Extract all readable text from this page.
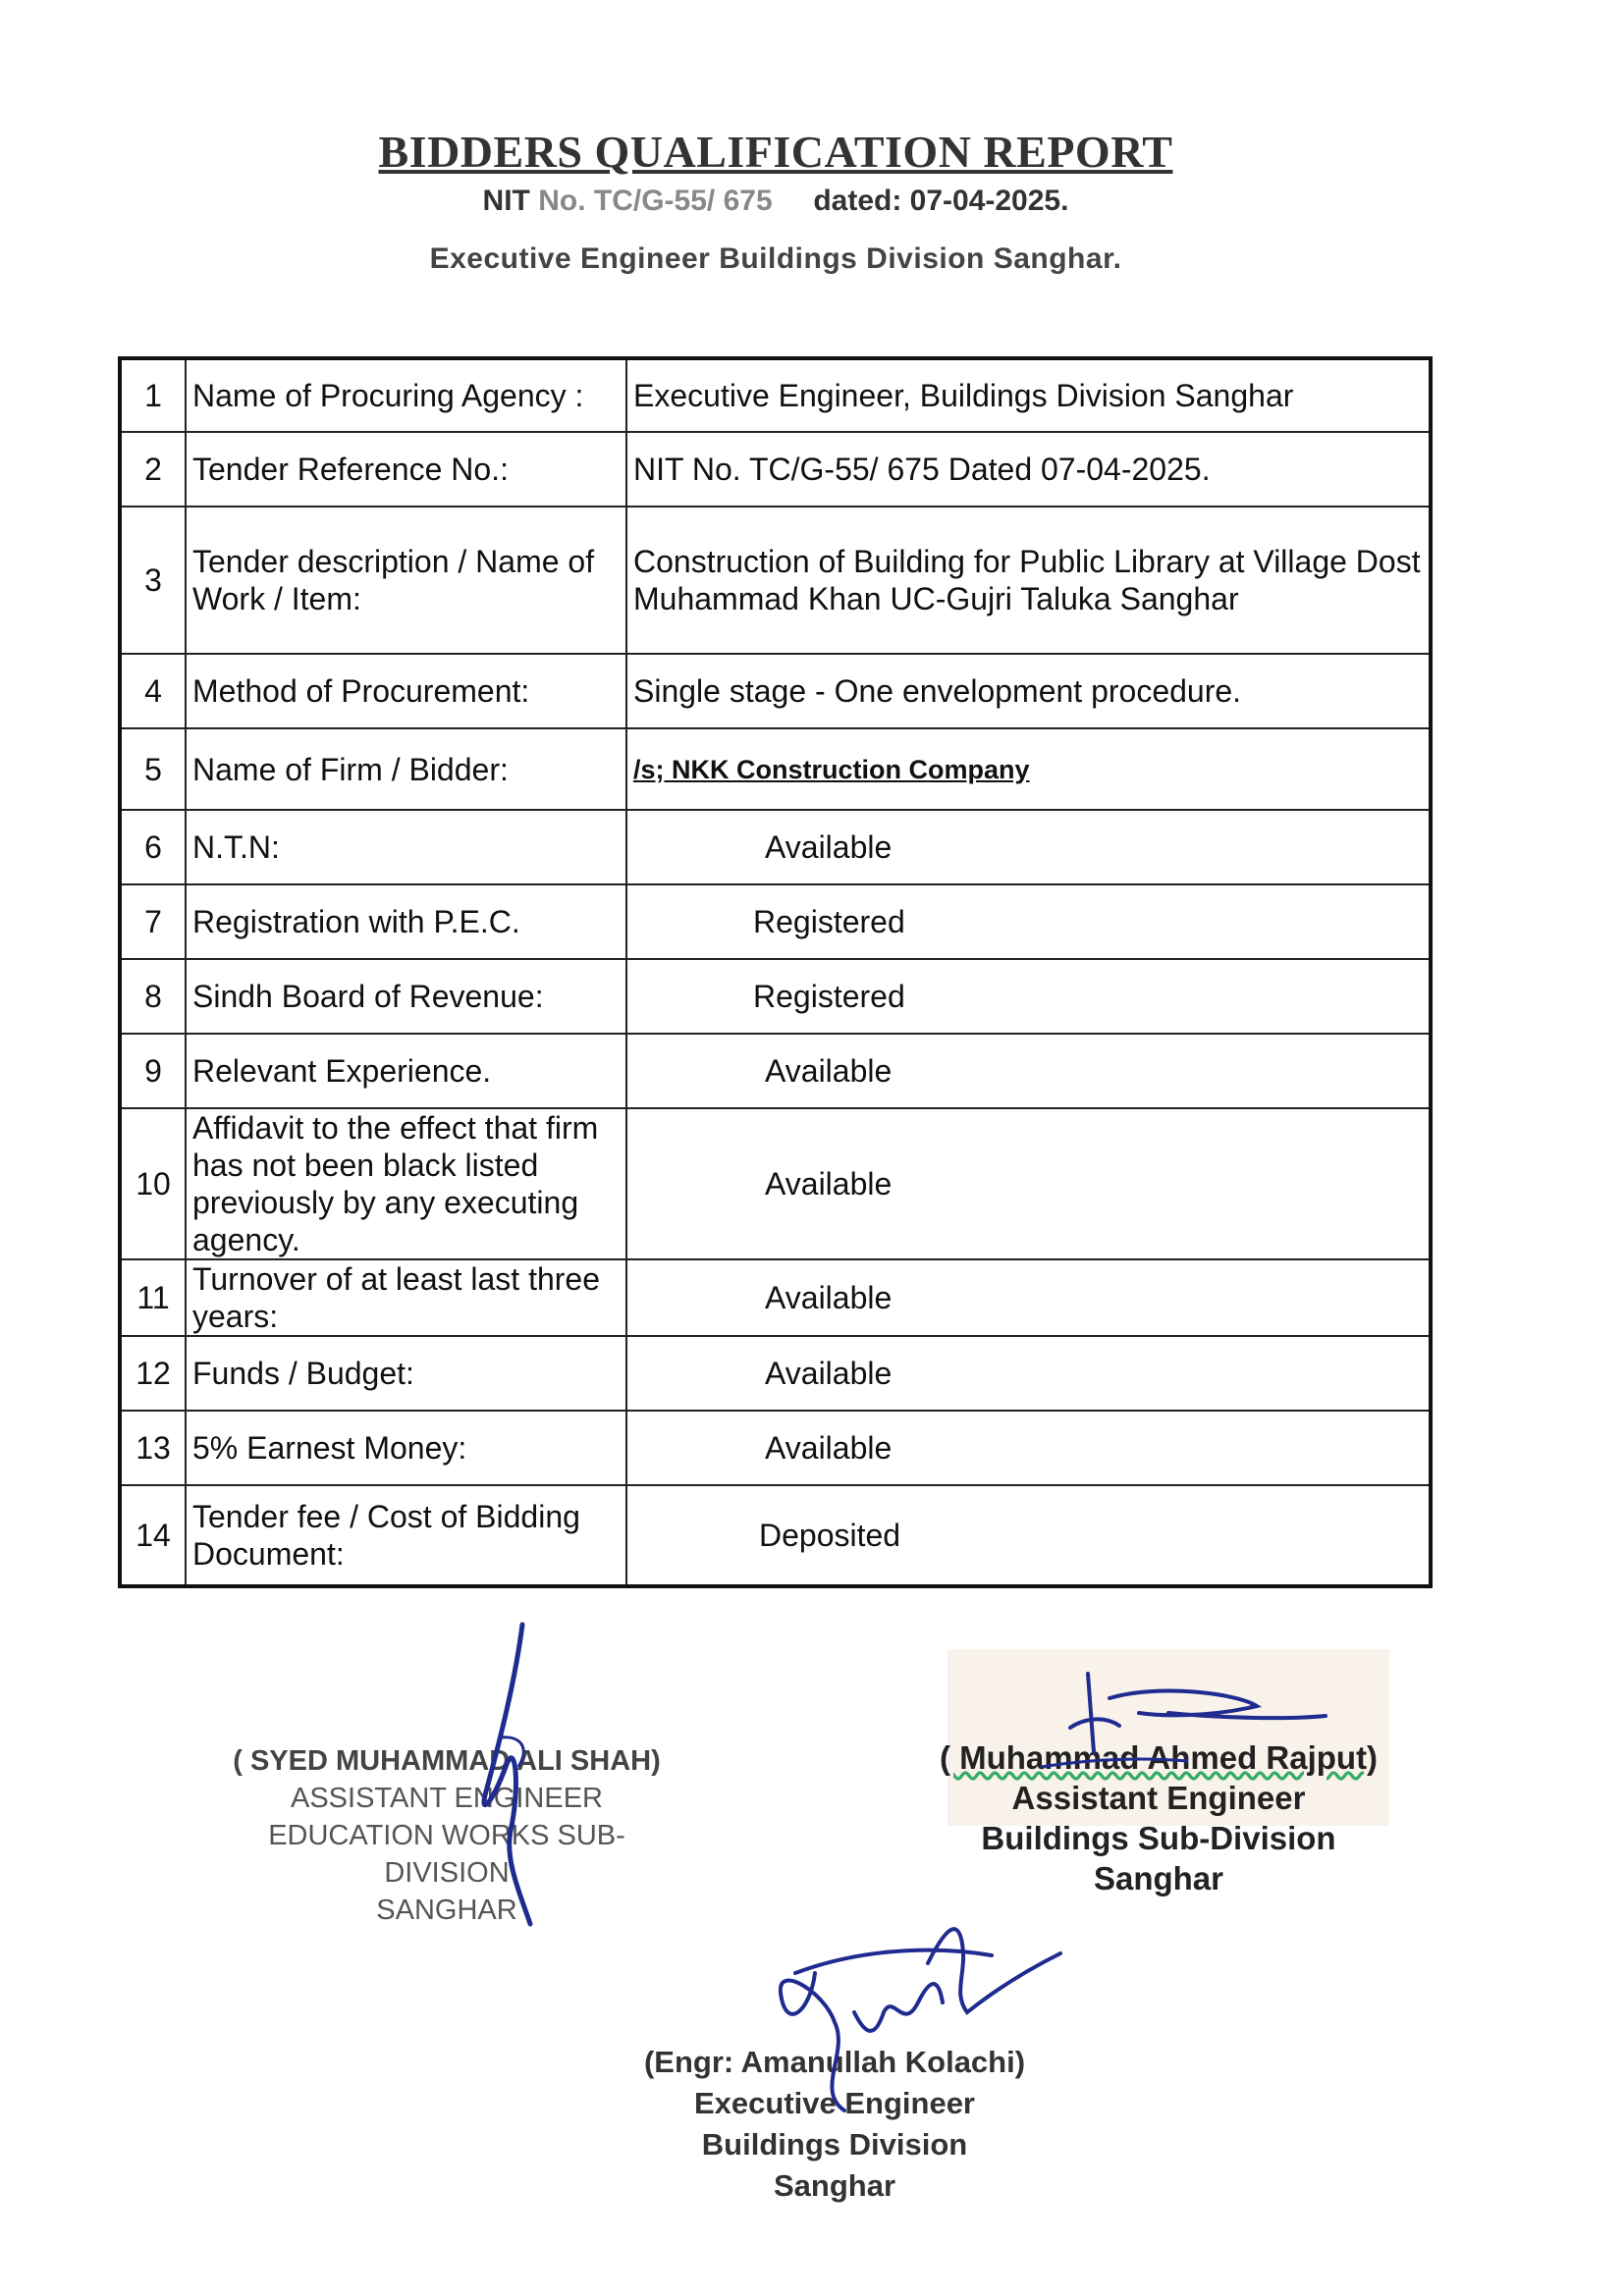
BIDDERS QUALIFICATION REPORT
NIT No. TC/G-55/ 675 dated: 07-04-2025.
Executive Engineer Buildings Division Sanghar.
1	Name of Procuring Agency :	Executive Engineer, Buildings Division Sanghar
2	Tender Reference No.:	NIT No. TC/G-55/ 675 Dated 07-04-2025.
3	Tender description / Name of Work / Item:	Construction of Building for Public Library at Village Dost Muhammad Khan UC-Gujri Taluka Sanghar
4	Method of Procurement:	Single stage - One envelopment procedure.
5	Name of Firm / Bidder:	/s; NKK Construction Company
6	N.T.N:	Available
7	Registration with P.E.C.	Registered
8	Sindh Board of Revenue:	Registered
9	Relevant Experience.	Available
10	Affidavit to the effect that firm has not been black listed previously by any executing agency.	Available
11	Turnover of at least last three years:	Available
12	Funds / Budget:	Available
13	5% Earnest Money:	Available
14	Tender fee / Cost of Bidding Document:	Deposited
( SYED MUHAMMAD ALI SHAH)
ASSISTANT ENGINEER
EDUCATION WORKS SUB-DIVISION
SANGHAR
( Muhammad Ahmed Rajput)
Assistant Engineer
Buildings Sub-Division
Sanghar
(Engr: Amanullah Kolachi)
Executive Engineer
Buildings Division
Sanghar
